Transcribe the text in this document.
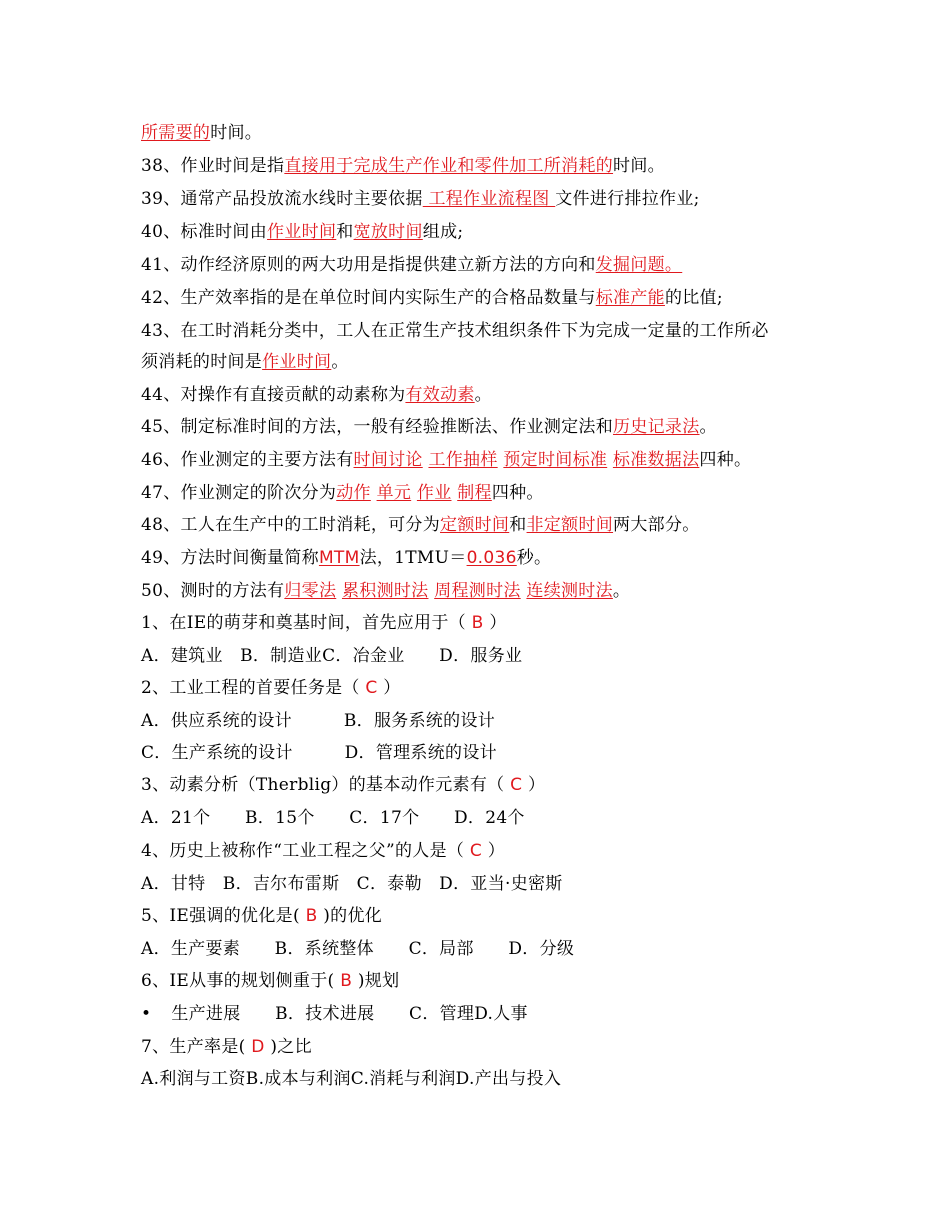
所需要的时间。
38、作业时间是指直接用于完成生产作业和零件加工所消耗的时间。
39、通常产品投放流水线时主要依据 工程作业流程图 文件进行排拉作业;
40、标准时间由作业时间和宽放时间组成;
41、动作经济原则的两大功用是指提供建立新方法的方向和发掘问题。
42、生产效率指的是在单位时间内实际生产的合格品数量与标准产能的比值;
43、在工时消耗分类中，工人在正常生产技术组织条件下为完成一定量的工作所必
须消耗的时间是作业时间。
44、对操作有直接贡献的动素称为有效动素。
45、制定标准时间的方法，一般有经验推断法、作业测定法和历史记录法。
46、作业测定的主要方法有时间讨论 工作抽样 预定时间标准 标准数据法四种。
47、作业测定的阶次分为动作 单元 作业 制程四种。
48、工人在生产中的工时消耗，可分为定额时间和非定额时间两大部分。
49、方法时间衡量简称MTM法，1TMU＝0.036秒。
50、测时的方法有归零法 累积测时法 周程测时法 连续测时法。
1、在IE的萌芽和奠基时间，首先应用于（ B ）
A．建筑业　B．制造业C．冶金业　　D．服务业
2、工业工程的首要任务是（ C ）
A．供应系统的设计　　　B．服务系统的设计
C．生产系统的设计　　　D．管理系统的设计
3、动素分析（Therblig）的基本动作元素有（ C ）
A．21个　　B．15个　　C．17个　　D．24个
4、历史上被称作“工业工程之父”的人是（ C ）
A．甘特　B．吉尔布雷斯　C．泰勒　D．亚当·史密斯
5、IE强调的优化是( B )的优化
A．生产要素　　B．系统整体　　C．局部　　D．分级
6、IE从事的规划侧重于( B )规划
• 生产进展　　B．技术进展　　C．管理D.人事
7、生产率是( D )之比
A.利润与工资B.成本与利润C.消耗与利润D.产出与投入
